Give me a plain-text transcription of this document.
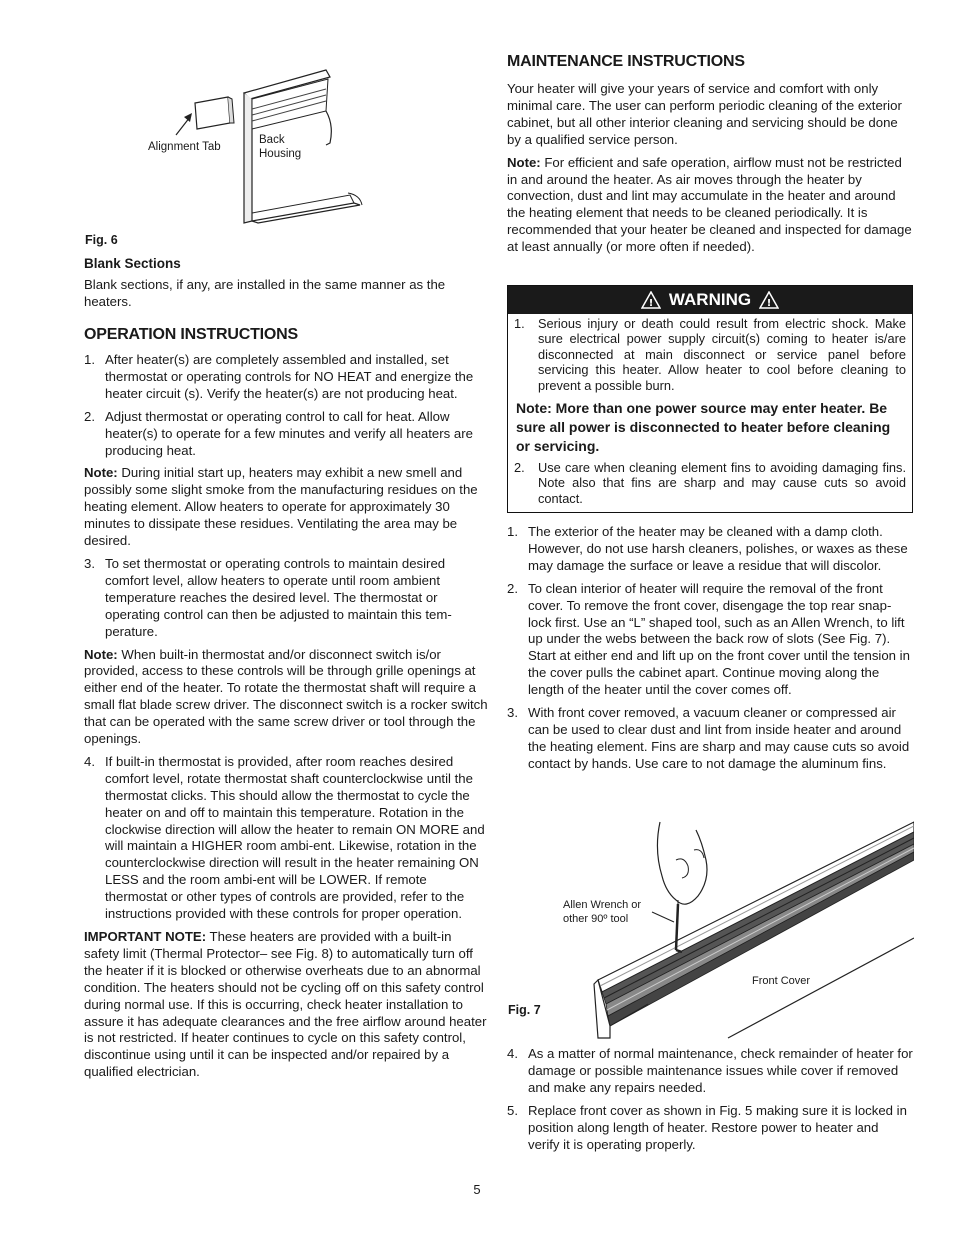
Alignment Tab
Back Housing
Fig. 6
Blank Sections

Blank sections, if any, are installed in the same manner as the heaters.

OPERATION INSTRUCTIONS
1. After heater(s) are completely assembled and installed, set thermostat or operating controls for NO HEAT and energize the heater circuit (s). Verify the heater(s) are not producing heat.
2. Adjust thermostat or operating control to call for heat. Allow heater(s) to operate for a few minutes and verify all heaters are producing heat.

Note: During initial start up, heaters may exhibit a new smell and possibly some slight smoke from the manufacturing residues on the heating element. Allow heaters to operate for approximately 30 minutes to dissipate these residues. Ventilating the area may be desired.

3. To set thermostat or operating controls to maintain desired comfort level, allow heaters to operate until room ambient temperature reaches the desired level. The thermostat or operating control can then be adjusted to maintain this tem-perature.

Note: When built-in thermostat and/or disconnect switch is/or provided, access to these controls will be through grille openings at either end of the heater. To rotate the thermostat shaft will require a small flat blade screw driver. The disconnect switch is a rocker switch that can be operated with the same screw driver or tool through the openings.

4. If built-in thermostat is provided, after room reaches desired comfort level, rotate thermostat shaft counterclockwise until the thermostat clicks. This should allow the thermostat to cycle the heater on and off to maintain this temperature. Rotation in the clockwise direction will allow the heater to remain ON MORE and will maintain a HIGHER room ambi-ent. Likewise, rotation in the counterclockwise direction will result in the heater remaining ON LESS and the room ambi-ent will be LOWER. If remote thermostat or other types of controls are provided, refer to the instructions provided with these controls for proper operation.

IMPORTANT NOTE: These heaters are provided with a built-in safety limit (Thermal Protector– see Fig. 8) to automatically turn off the heater if it is blocked or otherwise overheats due to an abnormal condition. The heaters should not be cycling off on this safety control during normal use. If this is occurring, check heater installation to assure it has adequate clearances and the free airflow around heater is not restricted. If heater continues to cycle on this safety control, discontinue using until it can be inspected and/or repaired by a qualified electrician.

MAINTENANCE INSTRUCTIONS

Your heater will give your years of service and comfort with only minimal care. The user can perform periodic cleaning of the exterior cabinet, but all other interior cleaning and servicing should be done by a qualified service person.

Note: For efficient and safe operation, airflow must not be restricted in and around the heater. As air moves through the heater by convection, dust and lint may accumulate in the heater and around the heating element that needs to be cleaned periodically. It is recommended that your heater be cleaned and inspected for damage at least annually (or more often if needed).

! WARNING !
1. Serious injury or death could result from electric shock. Make sure electrical power supply circuit(s) coming to heater is/are disconnected at main disconnect or service panel before servicing this heater. Allow heater to cool before cleaning to prevent a possible burn.
Note: More than one power source may enter heater. Be sure all power is disconnected to heater before cleaning or servicing.
2. Use care when cleaning element fins to avoiding damaging fins. Note also that fins are sharp and may cause cuts so avoid contact.
1. The exterior of the heater may be cleaned with a damp cloth. However, do not use harsh cleaners, polishes, or waxes as these may damage the surface or leave a residue that will discolor.
2. To clean interior of heater will require the removal of the front cover. To remove the front cover, disengage the top rear snap-lock first. Use an “L” shaped tool, such as an Allen Wrench, to lift up under the webs between the back row of slots (See Fig. 7). Start at either end and lift up on the front cover until the tension in the cover pulls the cabinet apart. Continue moving along the length of the heater until the cover comes off.
3. With front cover removed, a vacuum cleaner or compressed air can be used to clear dust and lint from inside heater and around the heating element. Fins are sharp and may cause cuts so avoid contact by hands. Use care to not damage the aluminum fins.
Allen Wrench or
other 90º tool
Front Cover
Fig. 7
4. As a matter of normal maintenance, check remainder of heater for damage or possible maintenance issues while cover if removed and make any repairs needed.
5. Replace front cover as shown in Fig. 5 making sure it is locked in position along length of heater. Restore power to heater and verify it is operating properly.
5
